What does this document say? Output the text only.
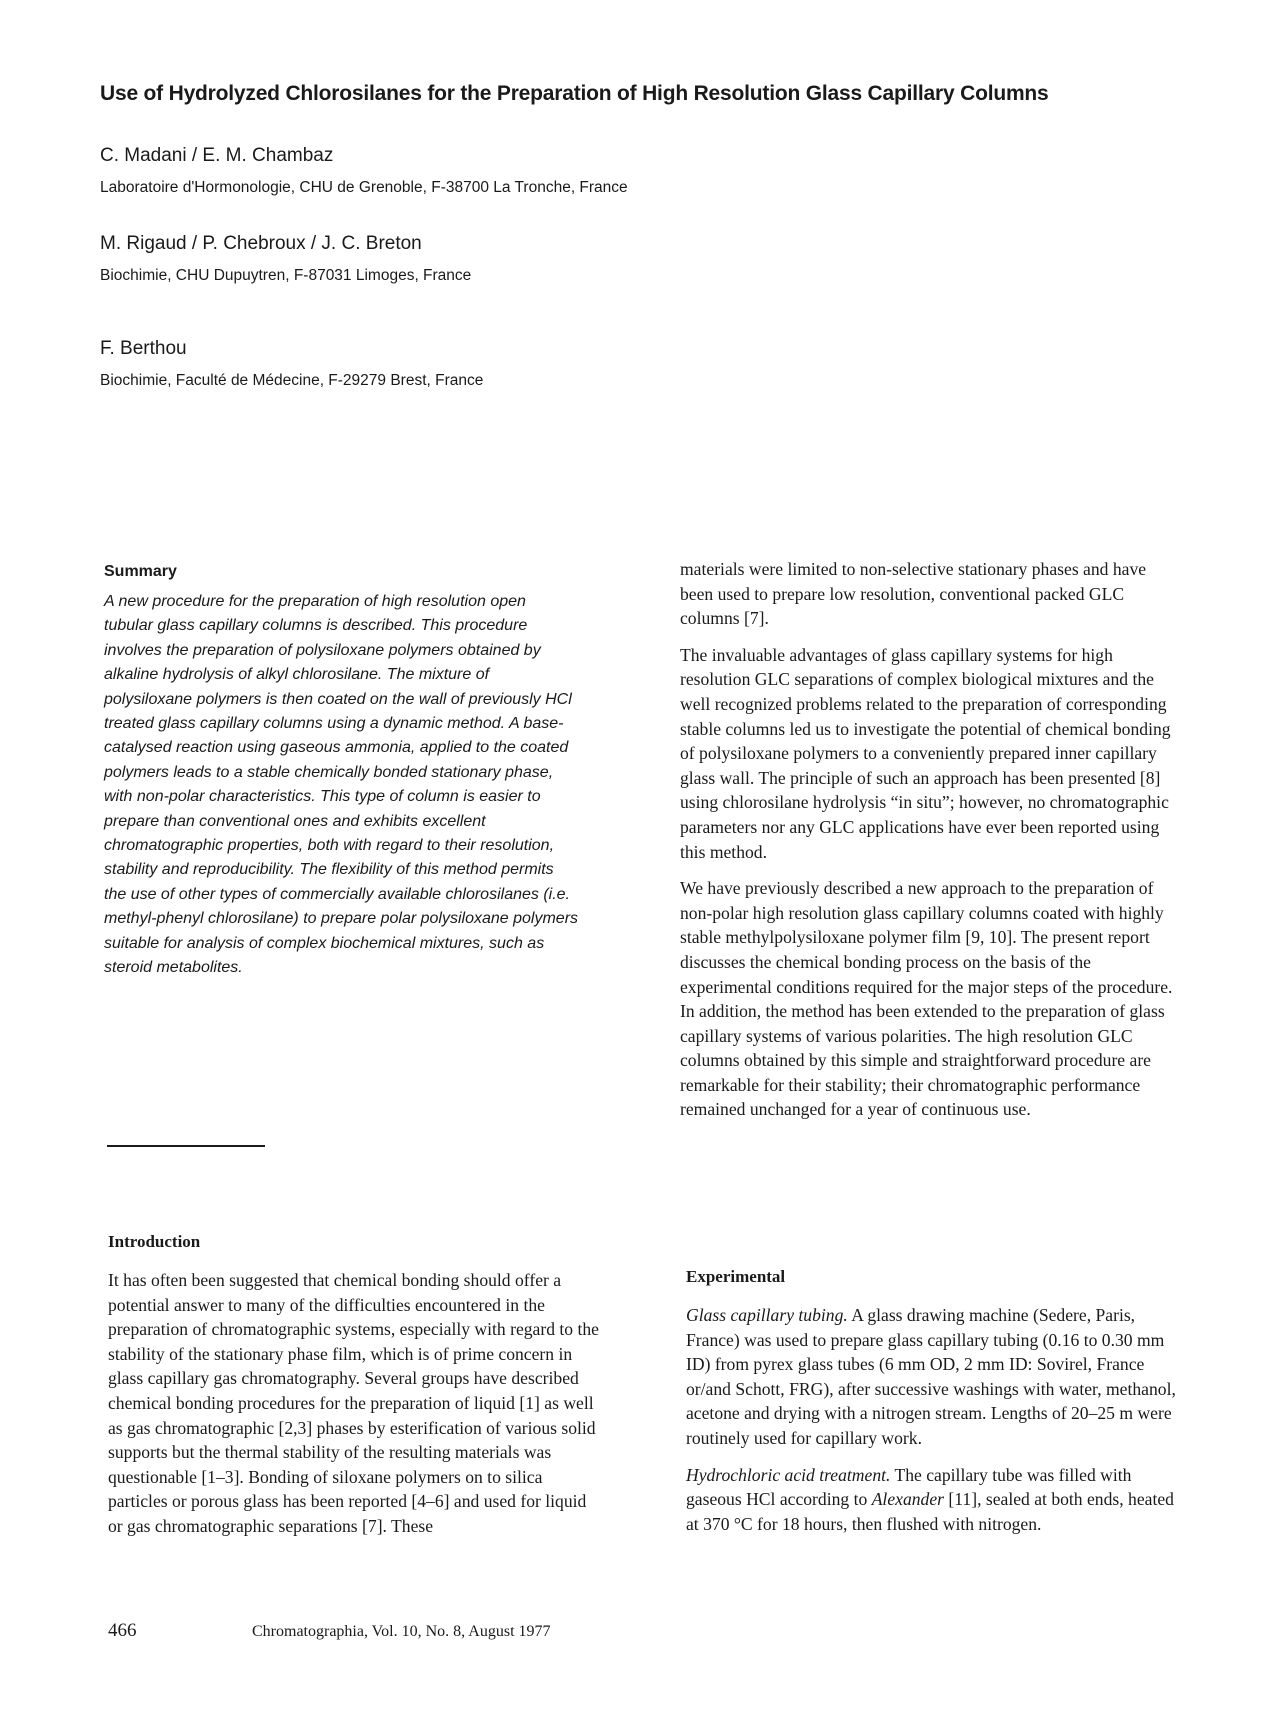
Use of Hydrolyzed Chlorosilanes for the Preparation of High Resolution Glass Capillary Columns
C. Madani / E. M. Chambaz
Laboratoire d'Hormonologie, CHU de Grenoble, F-38700 La Tronche, France
M. Rigaud / P. Chebroux / J. C. Breton
Biochimie, CHU Dupuytren, F-87031 Limoges, France
F. Berthou
Biochimie, Faculté de Médecine, F-29279 Brest, France
Summary

A new procedure for the preparation of high resolution open tubular glass capillary columns is described. This procedure involves the preparation of polysiloxane polymers obtained by alkaline hydrolysis of alkyl chlorosilane. The mixture of polysiloxane polymers is then coated on the wall of previously HCl treated glass capillary columns using a dynamic method. A base-catalysed reaction using gaseous ammonia, applied to the coated polymers leads to a stable chemically bonded stationary phase, with non-polar characteristics. This type of column is easier to prepare than conventional ones and exhibits excellent chromatographic properties, both with regard to their resolution, stability and reproducibility. The flexibility of this method permits the use of other types of commercially available chlorosilanes (i.e. methyl-phenyl chlorosilane) to prepare polar polysiloxane polymers suitable for analysis of complex biochemical mixtures, such as steroid metabolites.

Introduction

It has often been suggested that chemical bonding should offer a potential answer to many of the difficulties encountered in the preparation of chromatographic systems, especially with regard to the stability of the stationary phase film, which is of prime concern in glass capillary gas chromatography. Several groups have described chemical bonding procedures for the preparation of liquid [1] as well as gas chromatographic [2,3] phases by esterification of various solid supports but the thermal stability of the resulting materials was questionable [1–3]. Bonding of siloxane polymers on to silica particles or porous glass has been reported [4–6] and used for liquid or gas chromatographic separations [7]. These

materials were limited to non-selective stationary phases and have been used to prepare low resolution, conventional packed GLC columns [7].

The invaluable advantages of glass capillary systems for high resolution GLC separations of complex biological mixtures and the well recognized problems related to the preparation of corresponding stable columns led us to investigate the potential of chemical bonding of polysiloxane polymers to a conveniently prepared inner capillary glass wall. The principle of such an approach has been presented [8] using chlorosilane hydrolysis “in situ”; however, no chromatographic parameters nor any GLC applications have ever been reported using this method.

We have previously described a new approach to the preparation of non-polar high resolution glass capillary columns coated with highly stable methylpolysiloxane polymer film [9, 10]. The present report discusses the chemical bonding process on the basis of the experimental conditions required for the major steps of the procedure. In addition, the method has been extended to the preparation of glass capillary systems of various polarities. The high resolution GLC columns obtained by this simple and straightforward procedure are remarkable for their stability; their chromatographic performance remained unchanged for a year of continuous use.

Experimental

Glass capillary tubing. A glass drawing machine (Sedere, Paris, France) was used to prepare glass capillary tubing (0.16 to 0.30 mm ID) from pyrex glass tubes (6 mm OD, 2 mm ID: Sovirel, France or/and Schott, FRG), after successive washings with water, methanol, acetone and drying with a nitrogen stream. Lengths of 20–25 m were routinely used for capillary work.

Hydrochloric acid treatment. The capillary tube was filled with gaseous HCl according to Alexander [11], sealed at both ends, heated at 370 °C for 18 hours, then flushed with nitrogen.

466	Chromatographia, Vol. 10, No. 8, August 1977
